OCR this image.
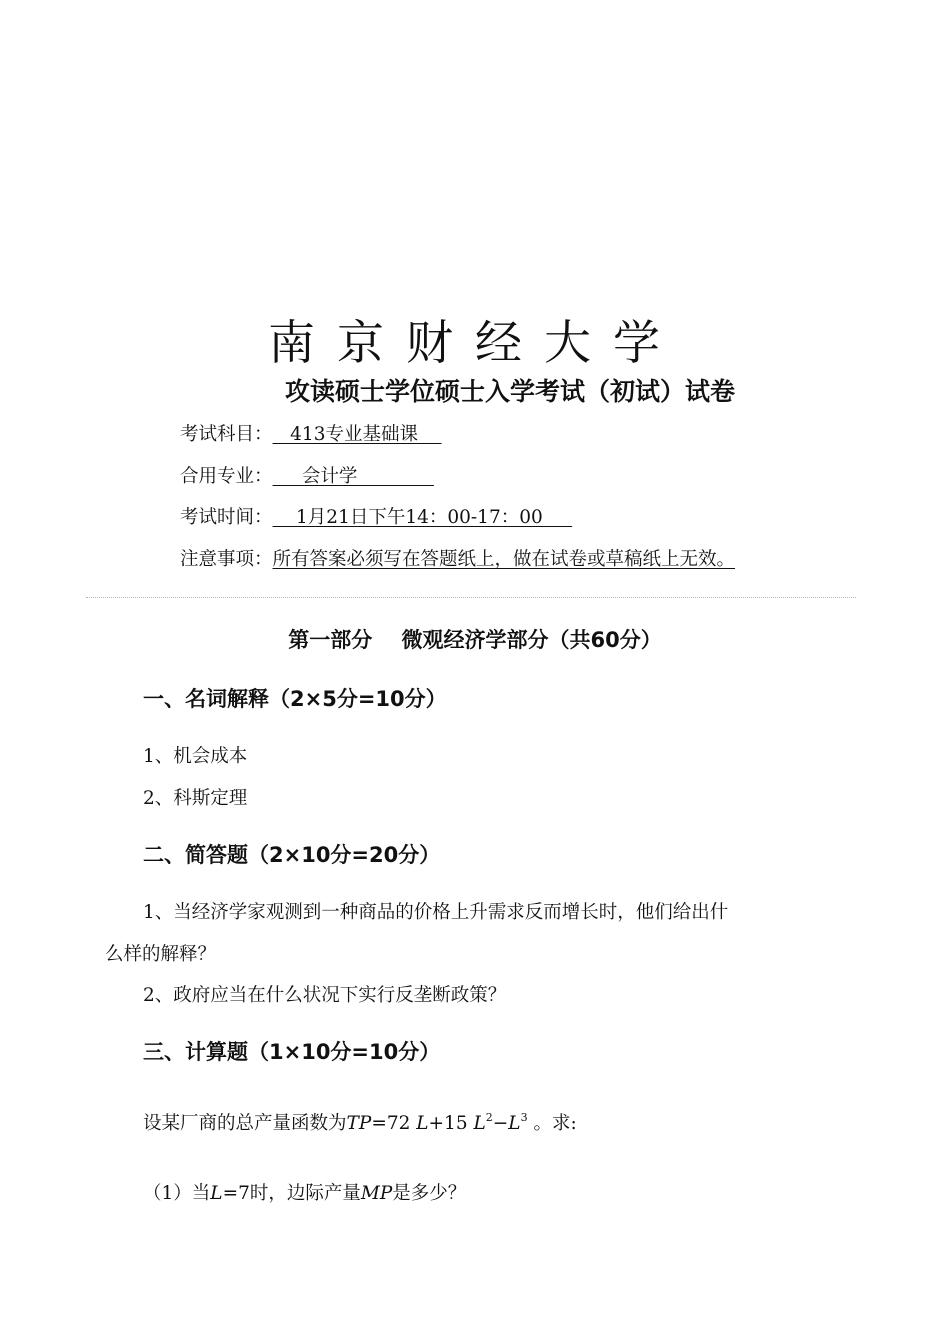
南京财经大学
攻读硕士学位硕士入学考试（初试）试卷
考试科目：   413专业基础课
合用专业：     会计学
考试时间：    1月21日下午14：00-17：00
注意事项：所有答案必须写在答题纸上，做在试卷或草稿纸上无效。
第一部分    微观经济学部分（共60分）
一、名词解释（2×5分=10分）
1、机会成本
2、科斯定理
二、简答题（2×10分=20分）
1、当经济学家观测到一种商品的价格上升需求反而增长时，他们给出什
么样的解释？
2、政府应当在什么状况下实行反垄断政策？
三、计算题（1×10分=10分）
设某厂商的总产量函数为TP=72 L+15 $L^2-L^3$ 。求:
（1）当L=7时，边际产量MP是多少？
